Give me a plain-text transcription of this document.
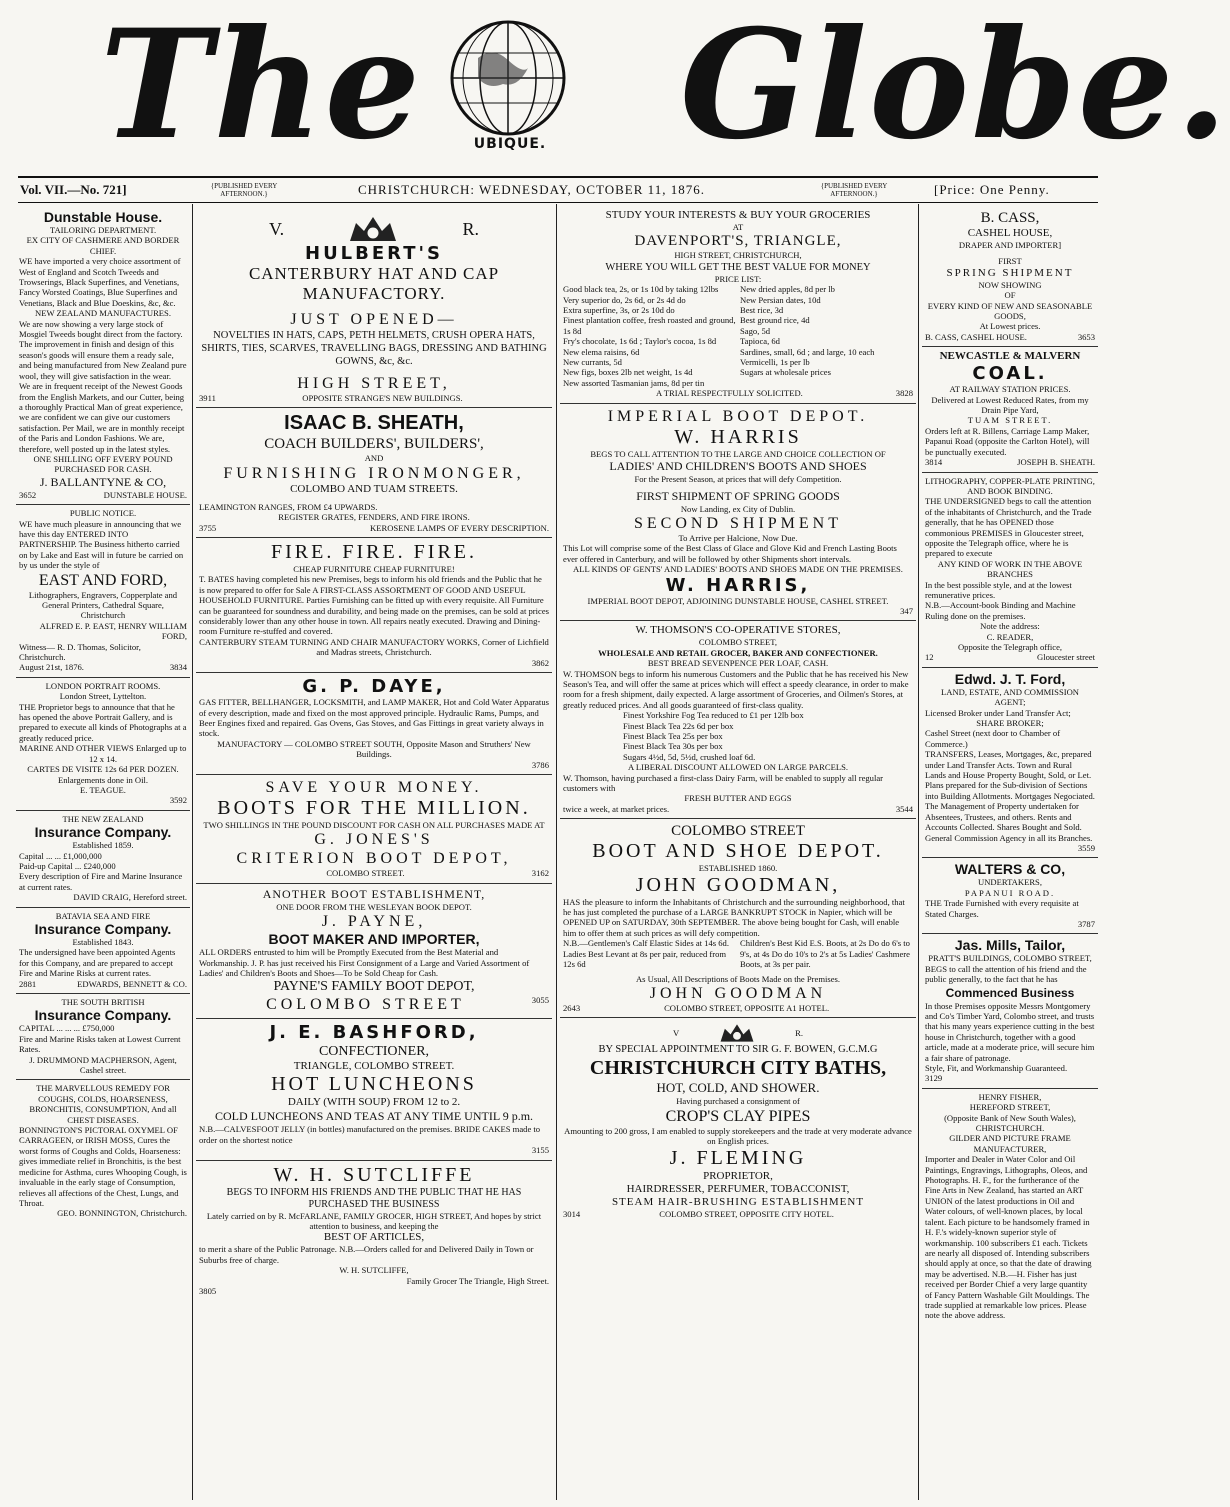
The Globe.
UBIQUE.
Vol. VII.—No. 721]	{PUBLISHED EVERY AFTERNOON.}	CHRISTCHURCH: WEDNESDAY, OCTOBER 11, 1876.	{PUBLISHED EVERY AFTERNOON.}	[Price: One Penny.

Dunstable House.

TAILORING DEPARTMENT.

EX CITY OF CASHMERE AND BORDER CHIEF.

WE have imported a very choice assortment of West of England and Scotch Tweeds and Trowserings, Black Superfines, and Venetians, Fancy Worsted Coatings, Blue Superfines and Venetians, Black and Blue Doeskins, &c, &c.

NEW ZEALAND MANUFACTURES.

We are now showing a very large stock of Mosgiel Tweeds bought direct from the factory. The improvement in finish and design of this season's goods will ensure them a ready sale, and being manufactured from New Zealand pure wool, they will give satisfaction in the wear.

We are in frequent receipt of the Newest Goods from the English Markets, and our Cutter, being a thoroughly Practical Man of great experience, we are confident we can give our customers satisfaction. Per Mail, we are in monthly receipt of the Paris and London Fashions. We are, therefore, well posted up in the latest styles.

ONE SHILLING OFF EVERY POUND PURCHASED FOR CASH.

J. BALLANTYNE & CO,

3652	DUNSTABLE HOUSE.

PUBLIC NOTICE.

WE have much pleasure in announcing that we have this day ENTERED INTO PARTNERSHIP. The Business hitherto carried on by Lake and East will in future be carried on by us under the style of

EAST AND FORD,

Lithographers, Engravers, Copperplate and General Printers, Cathedral Square, Christchurch

ALFRED E. P. EAST, HENRY WILLIAM FORD,

Witness— R. D. Thomas, Solicitor, Christchurch.

August 21st, 1876.	3834

LONDON PORTRAIT ROOMS.

London Street, Lyttelton.

THE Proprietor begs to announce that that he has opened the above Portrait Gallery, and is prepared to execute all kinds of Photographs at a greatly reduced price.

MARINE AND OTHER VIEWS Enlarged up to 12 x 14.

CARTES DE VISITE 12s 6d PER DOZEN.

Enlargements done in Oil.

E. TEAGUE.

3592

THE NEW ZEALAND

Insurance Company.

Established 1859.

Capital ... ... £1,000,000

Paid-up Capital ... £240,000

Every description of Fire and Marine Insurance at current rates.

DAVID CRAIG, Hereford street.

BATAVIA SEA AND FIRE

Insurance Company.

Established 1843.

The undersigned have been appointed Agents for this Company, and are prepared to accept Fire and Marine Risks at current rates.

2881	EDWARDS, BENNETT & CO.

THE SOUTH BRITISH

Insurance Company.

CAPITAL ... ... ... £750,000

Fire and Marine Risks taken at Lowest Current Rates.

J. DRUMMOND MACPHERSON, Agent, Cashel street.

THE MARVELLOUS REMEDY FOR COUGHS, COLDS, HOARSENESS, BRONCHITIS, CONSUMPTION, And all CHEST DISEASES.

BONNINGTON'S PICTORAL OXYMEL OF CARRAGEEN, or IRISH MOSS, Cures the worst forms of Coughs and Colds, Hoarseness: gives immediate relief in Bronchitis, is the best medicine for Asthma, cures Whooping Cough, is invaluable in the early stage of Consumption, relieves all affections of the Chest, Lungs, and Throat.

GEO. BONNINGTON, Christchurch.

V.	R.

HULBERT'S

CANTERBURY HAT AND CAP MANUFACTORY.

JUST OPENED—

NOVELTIES IN HATS, CAPS, PETH HELMETS, CRUSH OPERA HATS, SHIRTS, TIES, SCARVES, TRAVELLING BAGS, DRESSING AND BATHING GOWNS, &c, &c.

HIGH STREET,

3911	OPPOSITE STRANGE'S NEW BUILDINGS.

ISAAC B. SHEATH,

COACH BUILDERS', BUILDERS',

AND

FURNISHING IRONMONGER,

COLOMBO AND TUAM STREETS.

LEAMINGTON RANGES, FROM £4 UPWARDS.

REGISTER GRATES, FENDERS, AND FIRE IRONS.

3755	KEROSENE LAMPS OF EVERY DESCRIPTION.

FIRE. FIRE. FIRE.

CHEAP FURNITURE CHEAP FURNITURE!

T. BATES having completed his new Premises, begs to inform his old friends and the Public that he is now prepared to offer for Sale A FIRST-CLASS ASSORTMENT OF GOOD AND USEFUL HOUSEHOLD FURNITURE. Parties Furnishing can be fitted up with every requisite. All Furniture can be guaranteed for soundness and durability, and being made on the premises, can be sold at prices considerably lower than any other house in town. All repairs neatly executed. Drawing and Dining-room Furniture re-stuffed and covered.

CANTERBURY STEAM TURNING AND CHAIR MANUFACTORY WORKS, Corner of Lichfield and Madras streets, Christchurch.

3862

G. P. DAYE,

GAS FITTER, BELLHANGER, LOCKSMITH, and LAMP MAKER, Hot and Cold Water Apparatus of every description, made and fixed on the most approved principle. Hydraulic Rams, Pumps, and Beer Engines fixed and repaired. Gas Ovens, Gas Stoves, and Gas Fittings in great variety always in stock.

MANUFACTORY — COLOMBO STREET SOUTH, Opposite Mason and Struthers' New Buildings.

3786

SAVE YOUR MONEY.

BOOTS FOR THE MILLION.

TWO SHILLINGS IN THE POUND DISCOUNT FOR CASH ON ALL PURCHASES MADE AT

G. JONES'S

CRITERION BOOT DEPOT,

COLOMBO STREET.	3162

ANOTHER BOOT ESTABLISHMENT,

ONE DOOR FROM THE WESLEYAN BOOK DEPOT.

J. PAYNE,

BOOT MAKER AND IMPORTER,

ALL ORDERS entrusted to him will be Promptly Executed from the Best Material and Workmanship. J. P. has just received his First Consignment of a Large and Varied Assortment of Ladies' and Children's Boots and Shoes—To be Sold Cheap for Cash.

PAYNE'S FAMILY BOOT DEPOT,

COLOMBO STREET	3055

J. E. BASHFORD,

CONFECTIONER,

TRIANGLE, COLOMBO STREET.

HOT LUNCHEONS

DAILY (WITH SOUP) FROM 12 to 2.

COLD LUNCHEONS AND TEAS AT ANY TIME UNTIL 9 p.m.

N.B.—CALVESFOOT JELLY (in bottles) manufactured on the premises. BRIDE CAKES made to order on the shortest notice

3155

W. H. SUTCLIFFE

BEGS TO INFORM HIS FRIENDS AND THE PUBLIC THAT HE HAS PURCHASED THE BUSINESS

Lately carried on by R. McFARLANE, FAMILY GROCER, HIGH STREET, And hopes by strict attention to business, and keeping the

BEST OF ARTICLES,

to merit a share of the Public Patronage. N.B.—Orders called for and Delivered Daily in Town or Suburbs free of charge.

W. H. SUTCLIFFE,

Family Grocer The Triangle, High Street.

3805

STUDY YOUR INTERESTS & BUY YOUR GROCERIES

AT

DAVENPORT'S, TRIANGLE,

HIGH STREET, CHRISTCHURCH,

WHERE YOU WILL GET THE BEST VALUE FOR MONEY

PRICE LIST:

Good black tea, 2s, or 1s 10d by taking 12lbs
Very superior do, 2s 6d, or 2s 4d do
Extra superfine, 3s, or 2s 10d do
Finest plantation coffee, fresh roasted and ground, 1s 8d
Fry's chocolate, 1s 6d ; Taylor's cocoa, 1s 8d
New elema raisins, 6d
New currants, 5d
New figs, boxes 2lb net weight, 1s 4d
New assorted Tasmanian jams, 8d per tin
New dried apples, 8d per lb
New Persian dates, 10d
Best rice, 3d
Best ground rice, 4d
Sago, 5d
Tapioca, 6d
Sardines, small, 6d ; and large, 10 each
Vermicelli, 1s per lb
Sugars at wholesale prices
A TRIAL RESPECTFULLY SOLICITED.	3828

IMPERIAL BOOT DEPOT.

W. HARRIS

BEGS TO CALL ATTENTION TO THE LARGE AND CHOICE COLLECTION OF

LADIES' AND CHILDREN'S BOOTS AND SHOES

For the Present Season, at prices that will defy Competition.

FIRST SHIPMENT OF SPRING GOODS

Now Landing, ex City of Dublin.

SECOND SHIPMENT

To Arrive per Halcione, Now Due.

This Lot will comprise some of the Best Class of Glace and Glove Kid and French Lasting Boots ever offered in Canterbury, and will be followed by other Shipments short intervals.

ALL KINDS OF GENTS' AND LADIES' BOOTS AND SHOES MADE ON THE PREMISES.

W. HARRIS,

IMPERIAL BOOT DEPOT, ADJOINING DUNSTABLE HOUSE, CASHEL STREET.

347

W. THOMSON'S CO-OPERATIVE STORES,

COLOMBO STREET,

WHOLESALE AND RETAIL GROCER, BAKER AND CONFECTIONER.

BEST BREAD SEVENPENCE PER LOAF, CASH.

W. THOMSON begs to inform his numerous Customers and the Public that he has received his New Season's Tea, and will offer the same at prices which will effect a speedy clearance, in order to make room for a fresh shipment, daily expected. A large assortment of Groceries, and Oilmen's Stores, at greatly reduced prices. And all goods guaranteed of first-class quality.

Finest Yorkshire Fog Tea reduced to £1 per 12lb box
Finest Black Tea 22s 6d per box
Finest Black Tea 25s per box
Finest Black Tea 30s per box
Sugars 4½d, 5d, 5½d, crushed loaf 6d.

A LIBERAL DISCOUNT ALLOWED ON LARGE PARCELS.

W. Thomson, having purchased a first-class Dairy Farm, will be enabled to supply all regular customers with

FRESH BUTTER AND EGGS

twice a week, at market prices.	3544

COLOMBO STREET

BOOT AND SHOE DEPOT.

ESTABLISHED 1860.

JOHN GOODMAN,

HAS the pleasure to inform the Inhabitants of Christchurch and the surrounding neighborhood, that he has just completed the purchase of a LARGE BANKRUPT STOCK in Napier, which will be OPENED UP on SATURDAY, 30th SEPTEMBER. The above being bought for Cash, will enable him to offer them at such prices as will defy competition.

N.B.—Gentlemen's Calf Elastic Sides at 14s 6d. Ladies Best Levant at 8s per pair, reduced from 12s 6d
Children's Best Kid E.S. Boots, at 2s Do do 6's to 9's, at 4s Do do 10's to 2's at 5s Ladies' Cashmere Boots, at 3s per pair.

As Usual, All Descriptions of Boots Made on the Premises.

JOHN GOODMAN

2643	COLOMBO STREET, OPPOSITE A1 HOTEL.
V	R.

BY SPECIAL APPOINTMENT TO SIR G. F. BOWEN, G.C.M.G

CHRISTCHURCH CITY BATHS,

HOT, COLD, AND SHOWER.

Having purchased a consignment of

CROP'S CLAY PIPES

Amounting to 200 gross, I am enabled to supply storekeepers and the trade at very moderate advance on English prices.

J. FLEMING

PROPRIETOR,

HAIRDRESSER, PERFUMER, TOBACCONIST,

STEAM HAIR-BRUSHING ESTABLISHMENT

3014	COLOMBO STREET, OPPOSITE CITY HOTEL.

B. CASS,

CASHEL HOUSE,

DRAPER AND IMPORTER]

FIRST

SPRING SHIPMENT

NOW SHOWING

OF

EVERY KIND OF NEW AND SEASONABLE GOODS,

At Lowest prices.

B. CASS, CASHEL HOUSE.	3653

NEWCASTLE & MALVERN

COAL.

AT RAILWAY STATION PRICES.

Delivered at Lowest Reduced Rates, from my Drain Pipe Yard,

TUAM STREET.

Orders left at R. Billens, Carriage Lamp Maker, Papanui Road (opposite the Carlton Hotel), will be punctually executed.

3814	JOSEPH B. SHEATH.

LITHOGRAPHY, COPPER-PLATE PRINTING, AND BOOK BINDING.

THE UNDERSIGNED begs to call the attention of the inhabitants of Christchurch, and the Trade generally, that he has OPENED those commonious PREMISES in Gloucester street, opposite the Telegraph office, where he is prepared to execute

ANY KIND OF WORK IN THE ABOVE BRANCHES

In the best possible style, and at the lowest remunerative prices.

N.B.—Account-book Binding and Machine Ruling done on the premises.

Note the address:

C. READER,

Opposite the Telegraph office,

12	Gloucester street

Edwd. J. T. Ford,

LAND, ESTATE, AND COMMISSION AGENT;

Licensed Broker under Land Transfer Act;

SHARE BROKER;

Cashel Street (next door to Chamber of Commerce.)

TRANSFERS, Leases, Mortgages, &c, prepared under Land Transfer Acts. Town and Rural Lands and House Property Bought, Sold, or Let. Plans prepared for the Sub-division of Sections into Building Allotments. Mortgages Negociated. The Management of Property undertaken for Absentees, Trustees, and others. Rents and Accounts Collected. Shares Bought and Sold. General Commission Agency in all its Branches.

3559

WALTERS & CO,

UNDERTAKERS,

PAPANUI ROAD.

THE Trade Furnished with every requisite at Stated Charges.

3787

Jas. Mills, Tailor,

PRATT'S BUILDINGS, COLOMBO STREET,

BEGS to call the attention of his friend and the public generally, to the fact that he has

Commenced Business

In those Premises opposite Messrs Montgomery and Co's Timber Yard, Colombo street, and trusts that his many years experience cutting in the best house in Christchurch, together with a good article, made at a moderate price, will secure him a fair share of patronage.

Style, Fit, and Workmanship Guaranteed.

3129

HENRY FISHER,

HEREFORD STREET,

(Opposite Bank of New South Wales), CHRISTCHURCH.

GILDER AND PICTURE FRAME MANUFACTURER,

Importer and Dealer in Water Color and Oil Paintings, Engravings, Lithographs, Oleos, and Photographs. H. F., for the furtherance of the Fine Arts in New Zealand, has started an ART UNION of the latest productions in Oil and Water colours, of well-known places, by local talent. Each picture to be handsomely framed in H. F.'s widely-known superior style of workmanship. 100 subscribers £1 each. Tickets are nearly all disposed of. Intending subscribers should apply at once, so that the date of drawing may be advertised. N.B.—H. Fisher has just received per Border Chief a very large quantity of Fancy Pattern Washable Gilt Mouldings. The trade supplied at remarkable low prices. Please note the above address.
